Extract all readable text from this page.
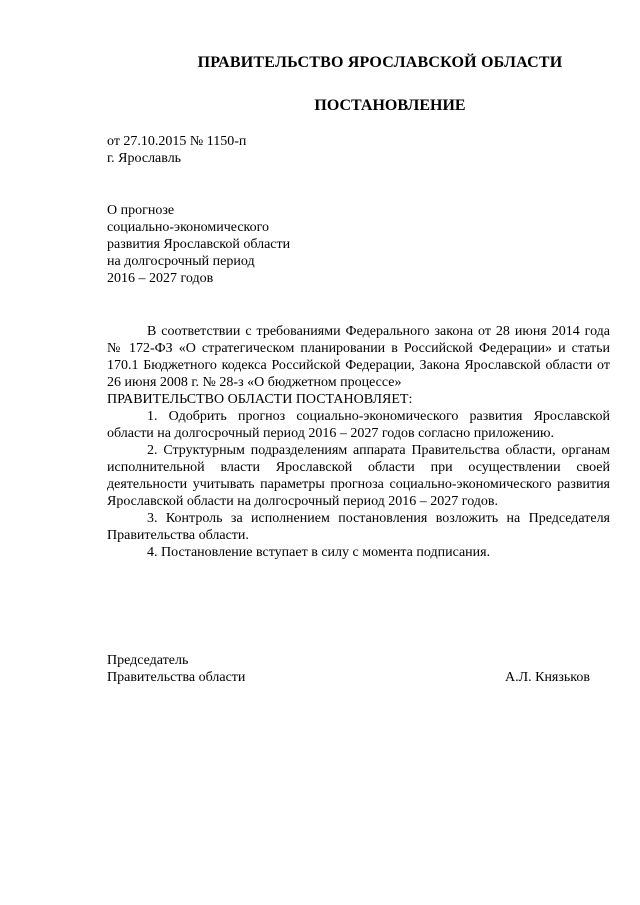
ПРАВИТЕЛЬСТВО ЯРОСЛАВСКОЙ ОБЛАСТИ
ПОСТАНОВЛЕНИЕ
от 27.10.2015 № 1150-п
г. Ярославль
О прогнозе
социально-экономического
развития Ярославской области
на долгосрочный период
2016 – 2027 годов

В соответствии с требованиями Федерального закона от 28 июня 2014 года № 172-ФЗ «О стратегическом планировании в Российской Федерации» и статьи 170.1 Бюджетного кодекса Российской Федерации, Закона Ярославской области от 26 июня 2008 г. № 28-з «О бюджетном процессе»

ПРАВИТЕЛЬСТВО ОБЛАСТИ ПОСТАНОВЛЯЕТ:

1. Одобрить прогноз социально-экономического развития Ярославской области на долгосрочный период 2016 – 2027 годов согласно приложению.

2. Структурным подразделениям аппарата Правительства области, органам исполнительной власти Ярославской области при осуществлении своей деятельности учитывать параметры прогноза социально-экономического развития Ярославской области на долгосрочный период 2016 – 2027 годов.

3. Контроль за исполнением постановления возложить на Председателя Правительства области.

4. Постановление вступает в силу с момента подписания.

Председатель
Правительства области	А.Л. Князьков
